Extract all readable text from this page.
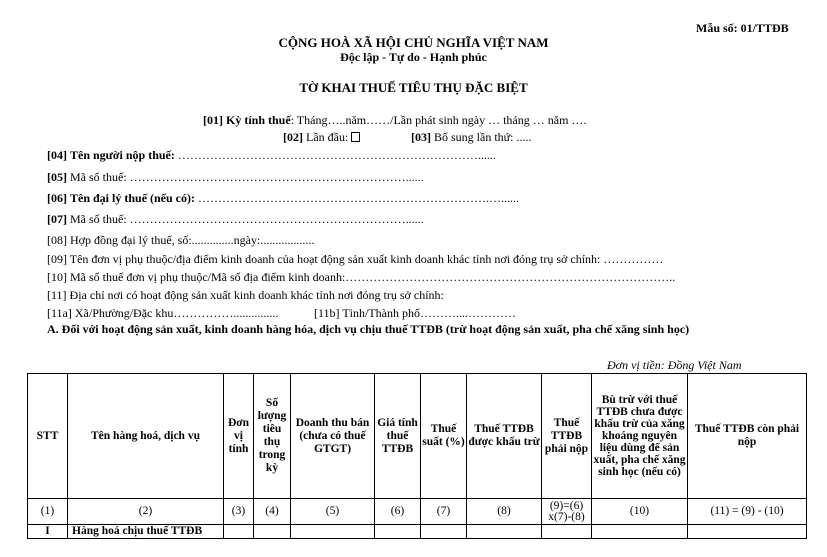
Mẫu số: 01/TTĐB
CỘNG HOÀ XÃ HỘI CHỦ NGHĨA VIỆT NAM
Độc lập - Tự do - Hạnh phúc
TỜ KHAI THUẾ TIÊU THỤ ĐẶC BIỆT
[01] Kỳ tính thuế: Tháng…..năm……/Lần phát sinh ngày … tháng … năm ….
[02] Lần đầu:	[03] Bổ sung lần thứ: .....
[04] Tên người nộp thuế: …………………………………………………………………......
[05] Mã số thuế: ……………………………………………………………......
[06] Tên đại lý thuế (nếu có): ……………………………………………………………….…......
[07] Mã số thuế: ……………………………………………………………......
[08] Hợp đồng đại lý thuế, số:..............ngày:..................
[09] Tên đơn vị phụ thuộc/địa điểm kinh doanh của hoạt động sản xuất kinh doanh khác tỉnh nơi đóng trụ sở chính: ……………
[10] Mã số thuế đơn vị phụ thuộc/Mã số địa điểm kinh doanh:………………………………………………………………………..
[11] Địa chỉ nơi có hoạt động sản xuất kinh doanh khác tỉnh nơi đóng trụ sở chính:
[11a] Xã/Phường/Đặc khu……………...............	[11b] Tỉnh/Thành phố………....…………
A. Đối với hoạt động sản xuất, kinh doanh hàng hóa, dịch vụ chịu thuế TTĐB (trừ hoạt động sản xuất, pha chế xăng sinh học)
Đơn vị tiền: Đồng Việt Nam
STT	Tên hàng hoá, dịch vụ	Đơn vị tính	Số lượng tiêu thụ trong kỳ	Doanh thu bán (chưa có thuế GTGT)	Giá tính thuế TTĐB	Thuế suất (%)	Thuế TTĐB được khấu trừ	Thuế TTĐB phải nộp	Bù trừ với thuế TTĐB chưa được khấu trừ của xăng khoáng nguyên liệu dùng để sản xuất, pha chế xăng sinh học (nếu có)	Thuế TTĐB còn phải nộp
(1)	(2)	(3)	(4)	(5)	(6)	(7)	(8)	(9)=(6) x(7)-(8)	(10)	(11) = (9) - (10)
I	Hàng hoá chịu thuế TTĐB									
